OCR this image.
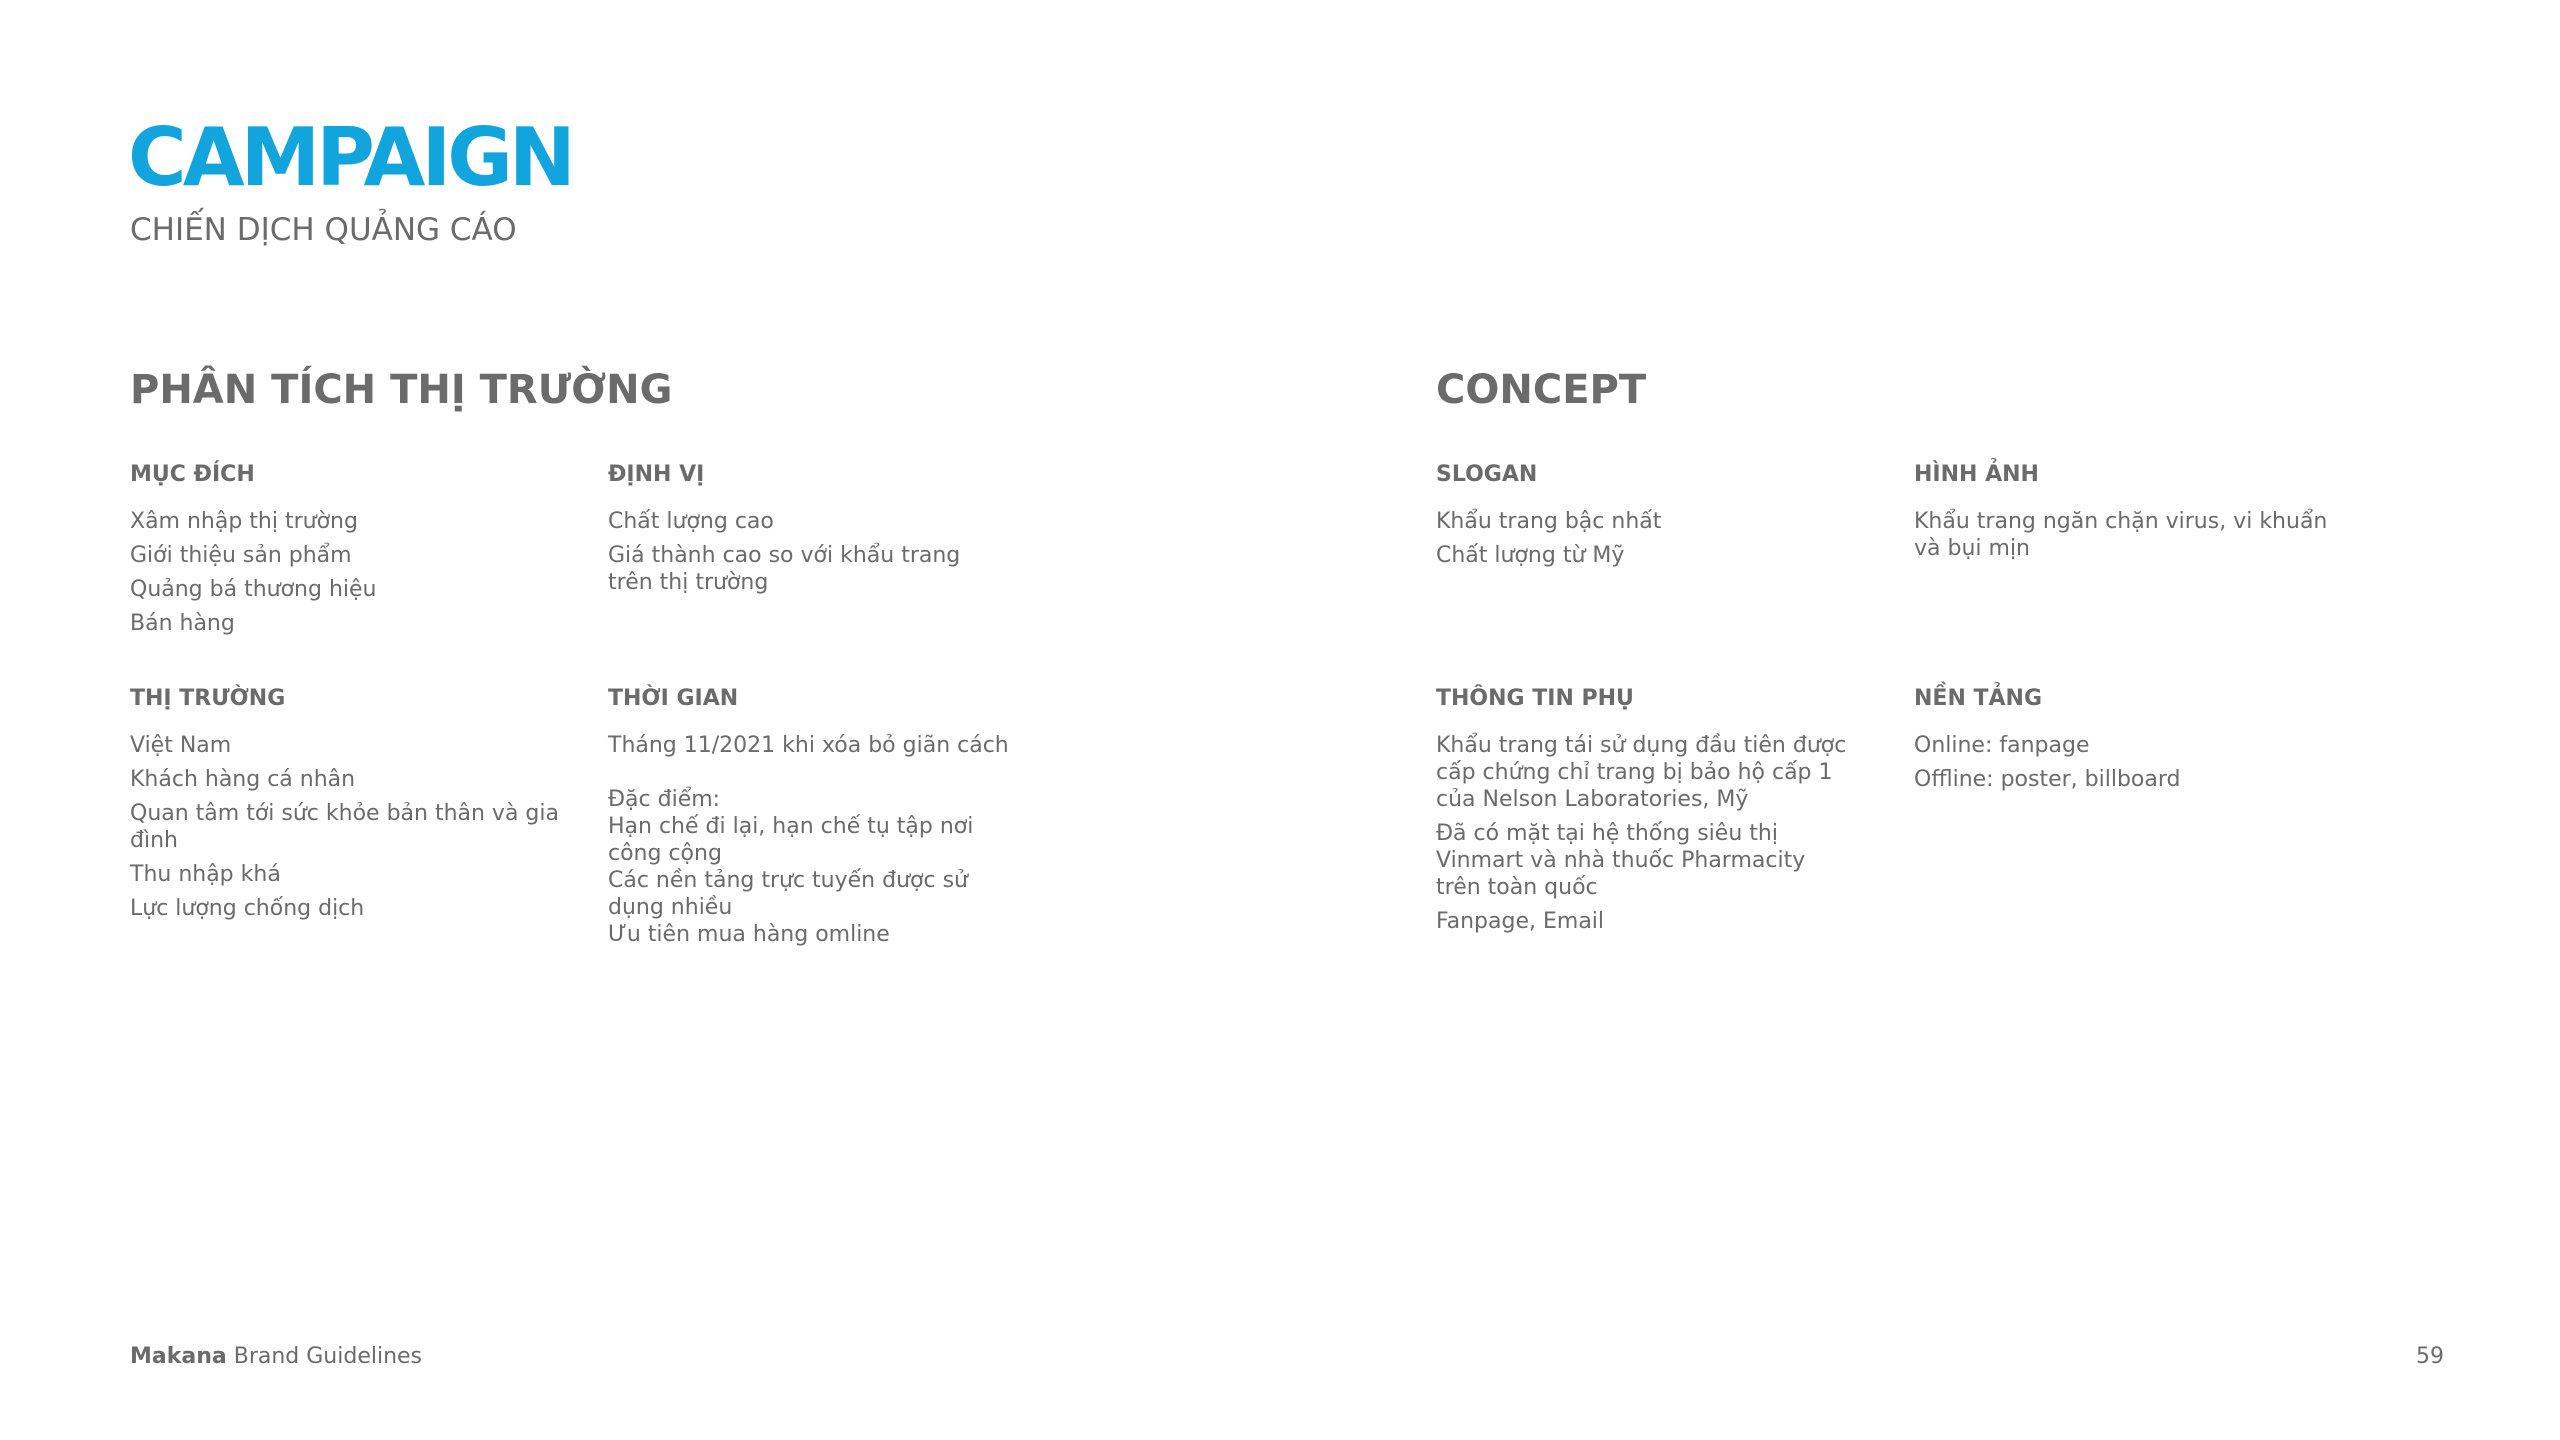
CAMPAIGN

CHIẾN DỊCH QUẢNG CÁO

PHÂN TÍCH THỊ TRƯỜNG
MỤC ĐÍCH
Xâm nhập thị trường
Giới thiệu sản phẩm
Quảng bá thương hiệu
Bán hàng
ĐỊNH VỊ
Chất lượng cao
Giá thành cao so với khẩu trang trên thị trường
THỊ TRƯỜNG
Việt Nam
Khách hàng cá nhân
Quan tâm tới sức khỏe bản thân và gia đình
Thu nhập khá
Lực lượng chống dịch
THỜI GIAN
Tháng 11/2021 khi xóa bỏ giãn cách
Đặc điểm:
Hạn chế đi lại, hạn chế tụ tập nơi công cộng
Các nền tảng trực tuyến được sử dụng nhiều
Ưu tiên mua hàng omline
CONCEPT
SLOGAN
Khẩu trang bậc nhất
Chất lượng từ Mỹ
HÌNH ẢNH
Khẩu trang ngăn chặn virus, vi khuẩn và bụi mịn
THÔNG TIN PHỤ
Khẩu trang tái sử dụng đầu tiên được cấp chứng chỉ trang bị bảo hộ cấp 1 của Nelson Laboratories, Mỹ
Đã có mặt tại hệ thống siêu thị Vinmart và nhà thuốc Pharmacity trên toàn quốc
Fanpage, Email
NỀN TẢNG
Online: fanpage
Offline: poster, billboard
Makana Brand Guidelines	59
